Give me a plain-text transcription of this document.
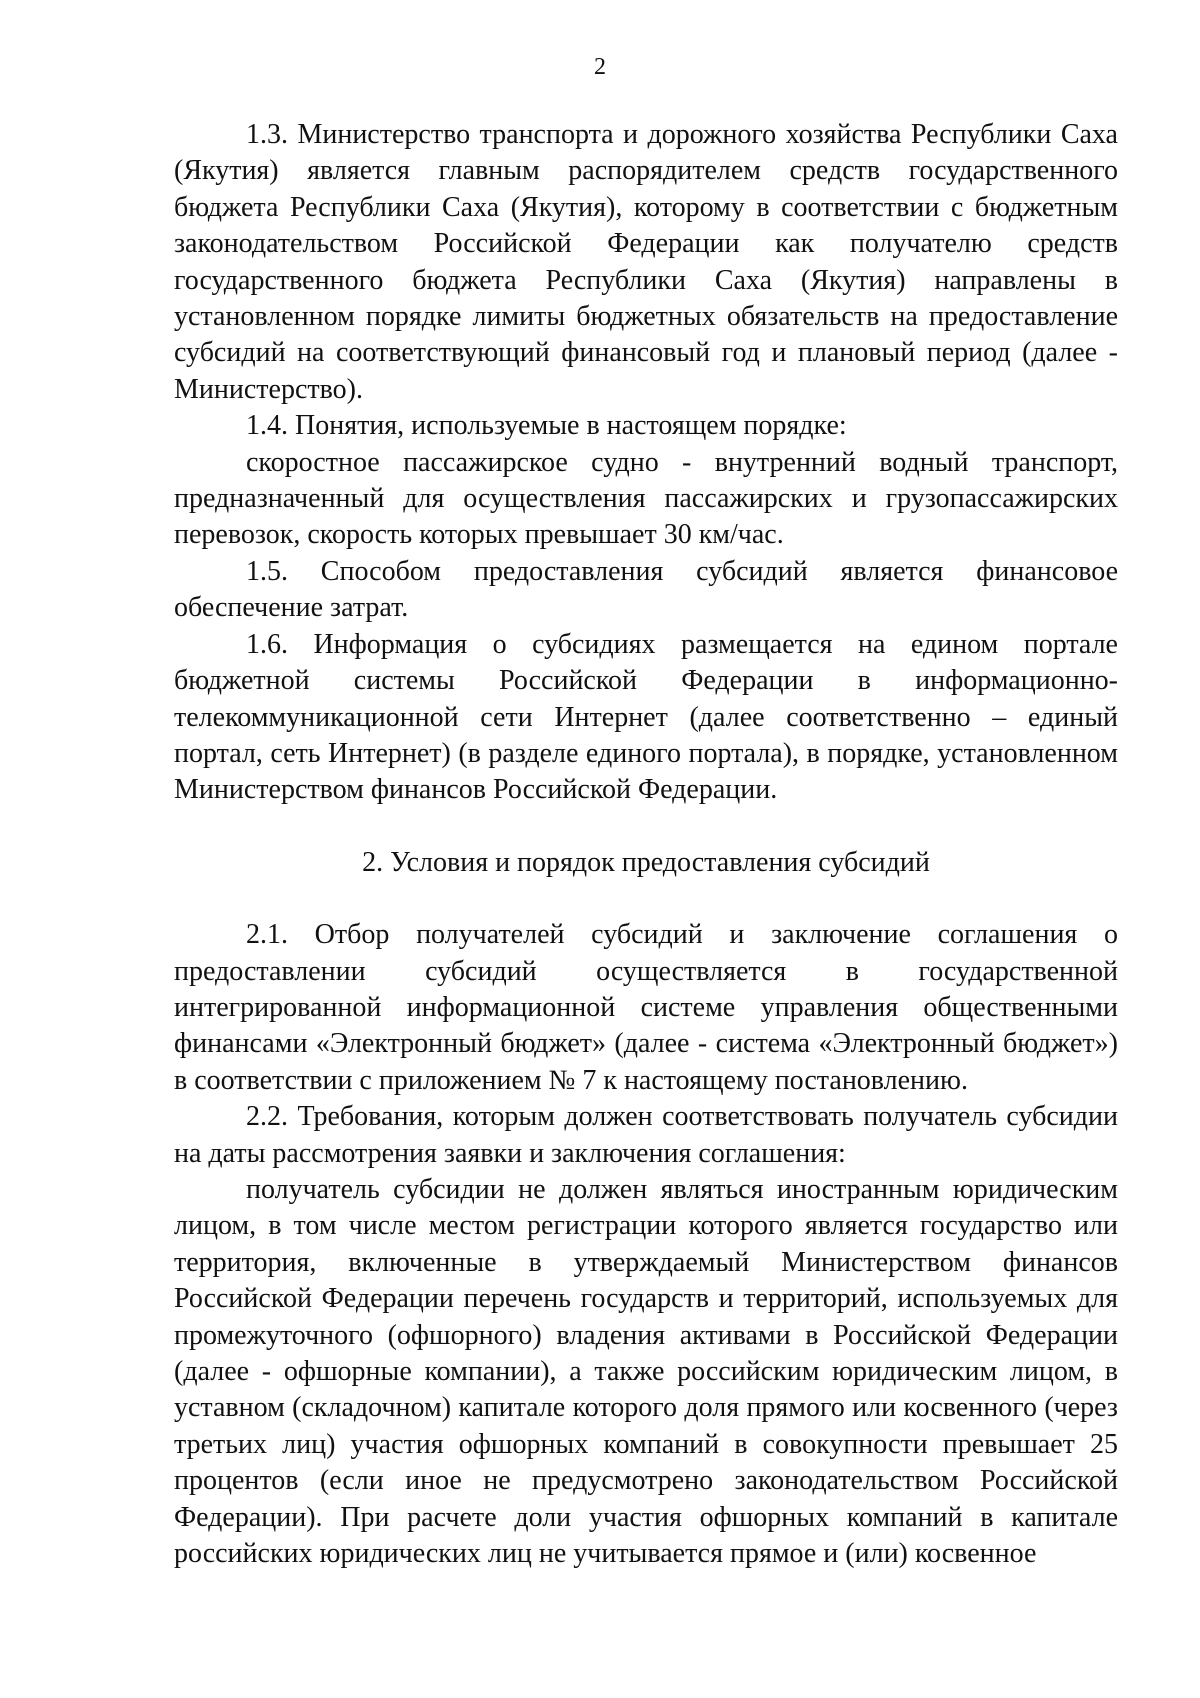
2

1.3. Министерство транспорта и дорожного хозяйства Республики Саха (Якутия) является главным распорядителем средств государственного бюджета Республики Саха (Якутия), которому в соответствии с бюджетным законодательством Российской Федерации как получателю средств государственного бюджета Республики Саха (Якутия) направлены в установленном порядке лимиты бюджетных обязательств на предоставление субсидий на соответствующий финансовый год и плановый период (далее - Министерство).

1.4. Понятия, используемые в настоящем порядке:

скоростное пассажирское судно - внутренний водный транспорт, предназначенный для осуществления пассажирских и грузопассажирских перевозок, скорость которых превышает 30 км/час.

1.5. Способом предоставления субсидий является финансовое обеспечение затрат.

1.6. Информация о субсидиях размещается на едином портале бюджетной системы Российской Федерации в информационно-телекоммуникационной сети Интернет (далее соответственно – единый портал, сеть Интернет) (в разделе единого портала), в порядке, установленном Министерством финансов Российской Федерации.

2. Условия и порядок предоставления субсидий

2.1. Отбор получателей субсидий и заключение соглашения о предоставлении субсидий осуществляется в государственной интегрированной информационной системе управления общественными финансами «Электронный бюджет» (далее - система «Электронный бюджет») в соответствии с приложением № 7 к настоящему постановлению.

2.2. Требования, которым должен соответствовать получатель субсидии на даты рассмотрения заявки и заключения соглашения:

получатель субсидии не должен являться иностранным юридическим лицом, в том числе местом регистрации которого является государство или территория, включенные в утверждаемый Министерством финансов Российской Федерации перечень государств и территорий, используемых для промежуточного (офшорного) владения активами в Российской Федерации (далее - офшорные компании), а также российским юридическим лицом, в уставном (складочном) капитале которого доля прямого или косвенного (через третьих лиц) участия офшорных компаний в совокупности превышает 25 процентов (если иное не предусмотрено законодательством Российской Федерации). При расчете доли участия офшорных компаний в капитале российских юридических лиц не учитывается прямое и (или) косвенное
